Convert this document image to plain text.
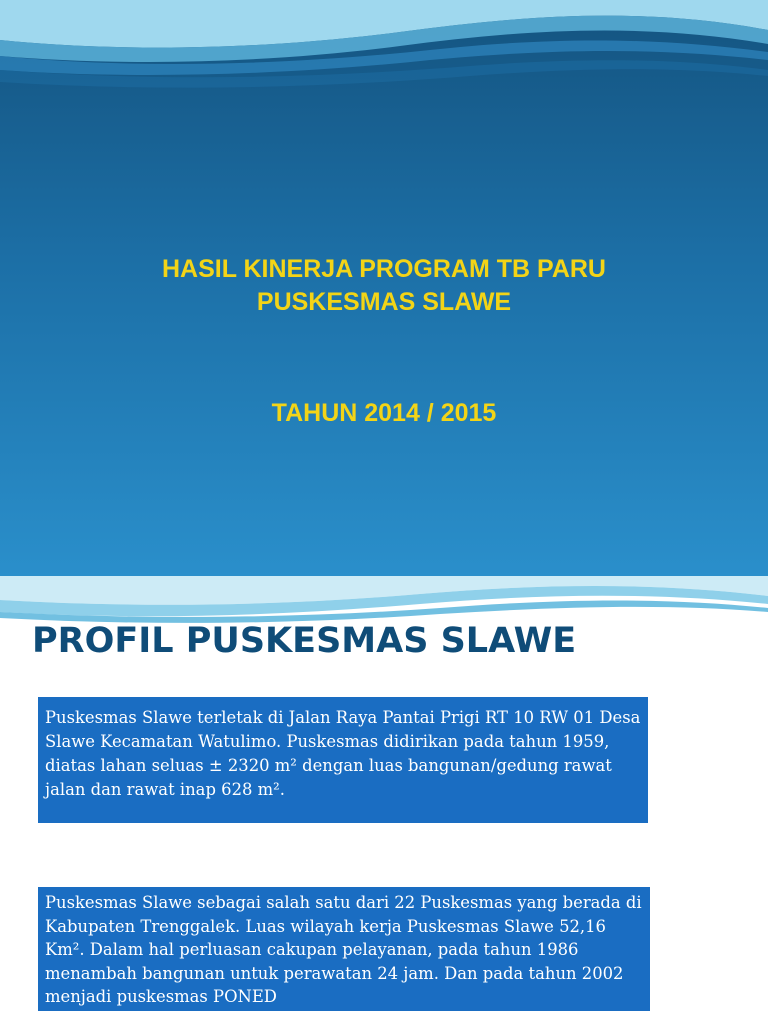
HASIL KINERJA PROGRAM TB PARU
PUSKESMAS SLAWE
TAHUN 2014 / 2015
PROFIL PUSKESMAS SLAWE
Puskesmas Slawe terletak di Jalan Raya Pantai Prigi RT 10 RW 01 Desa Slawe Kecamatan Watulimo. Puskesmas didirikan pada tahun 1959, diatas lahan seluas ± 2320 m² dengan luas bangunan/gedung rawat jalan dan rawat inap 628 m².
Puskesmas Slawe sebagai salah satu dari 22 Puskesmas yang berada di Kabupaten Trenggalek. Luas wilayah kerja Puskesmas Slawe 52,16 Km². Dalam hal perluasan cakupan pelayanan, pada tahun 1986 menambah bangunan untuk perawatan 24 jam. Dan pada tahun 2002 menjadi puskesmas PONED
